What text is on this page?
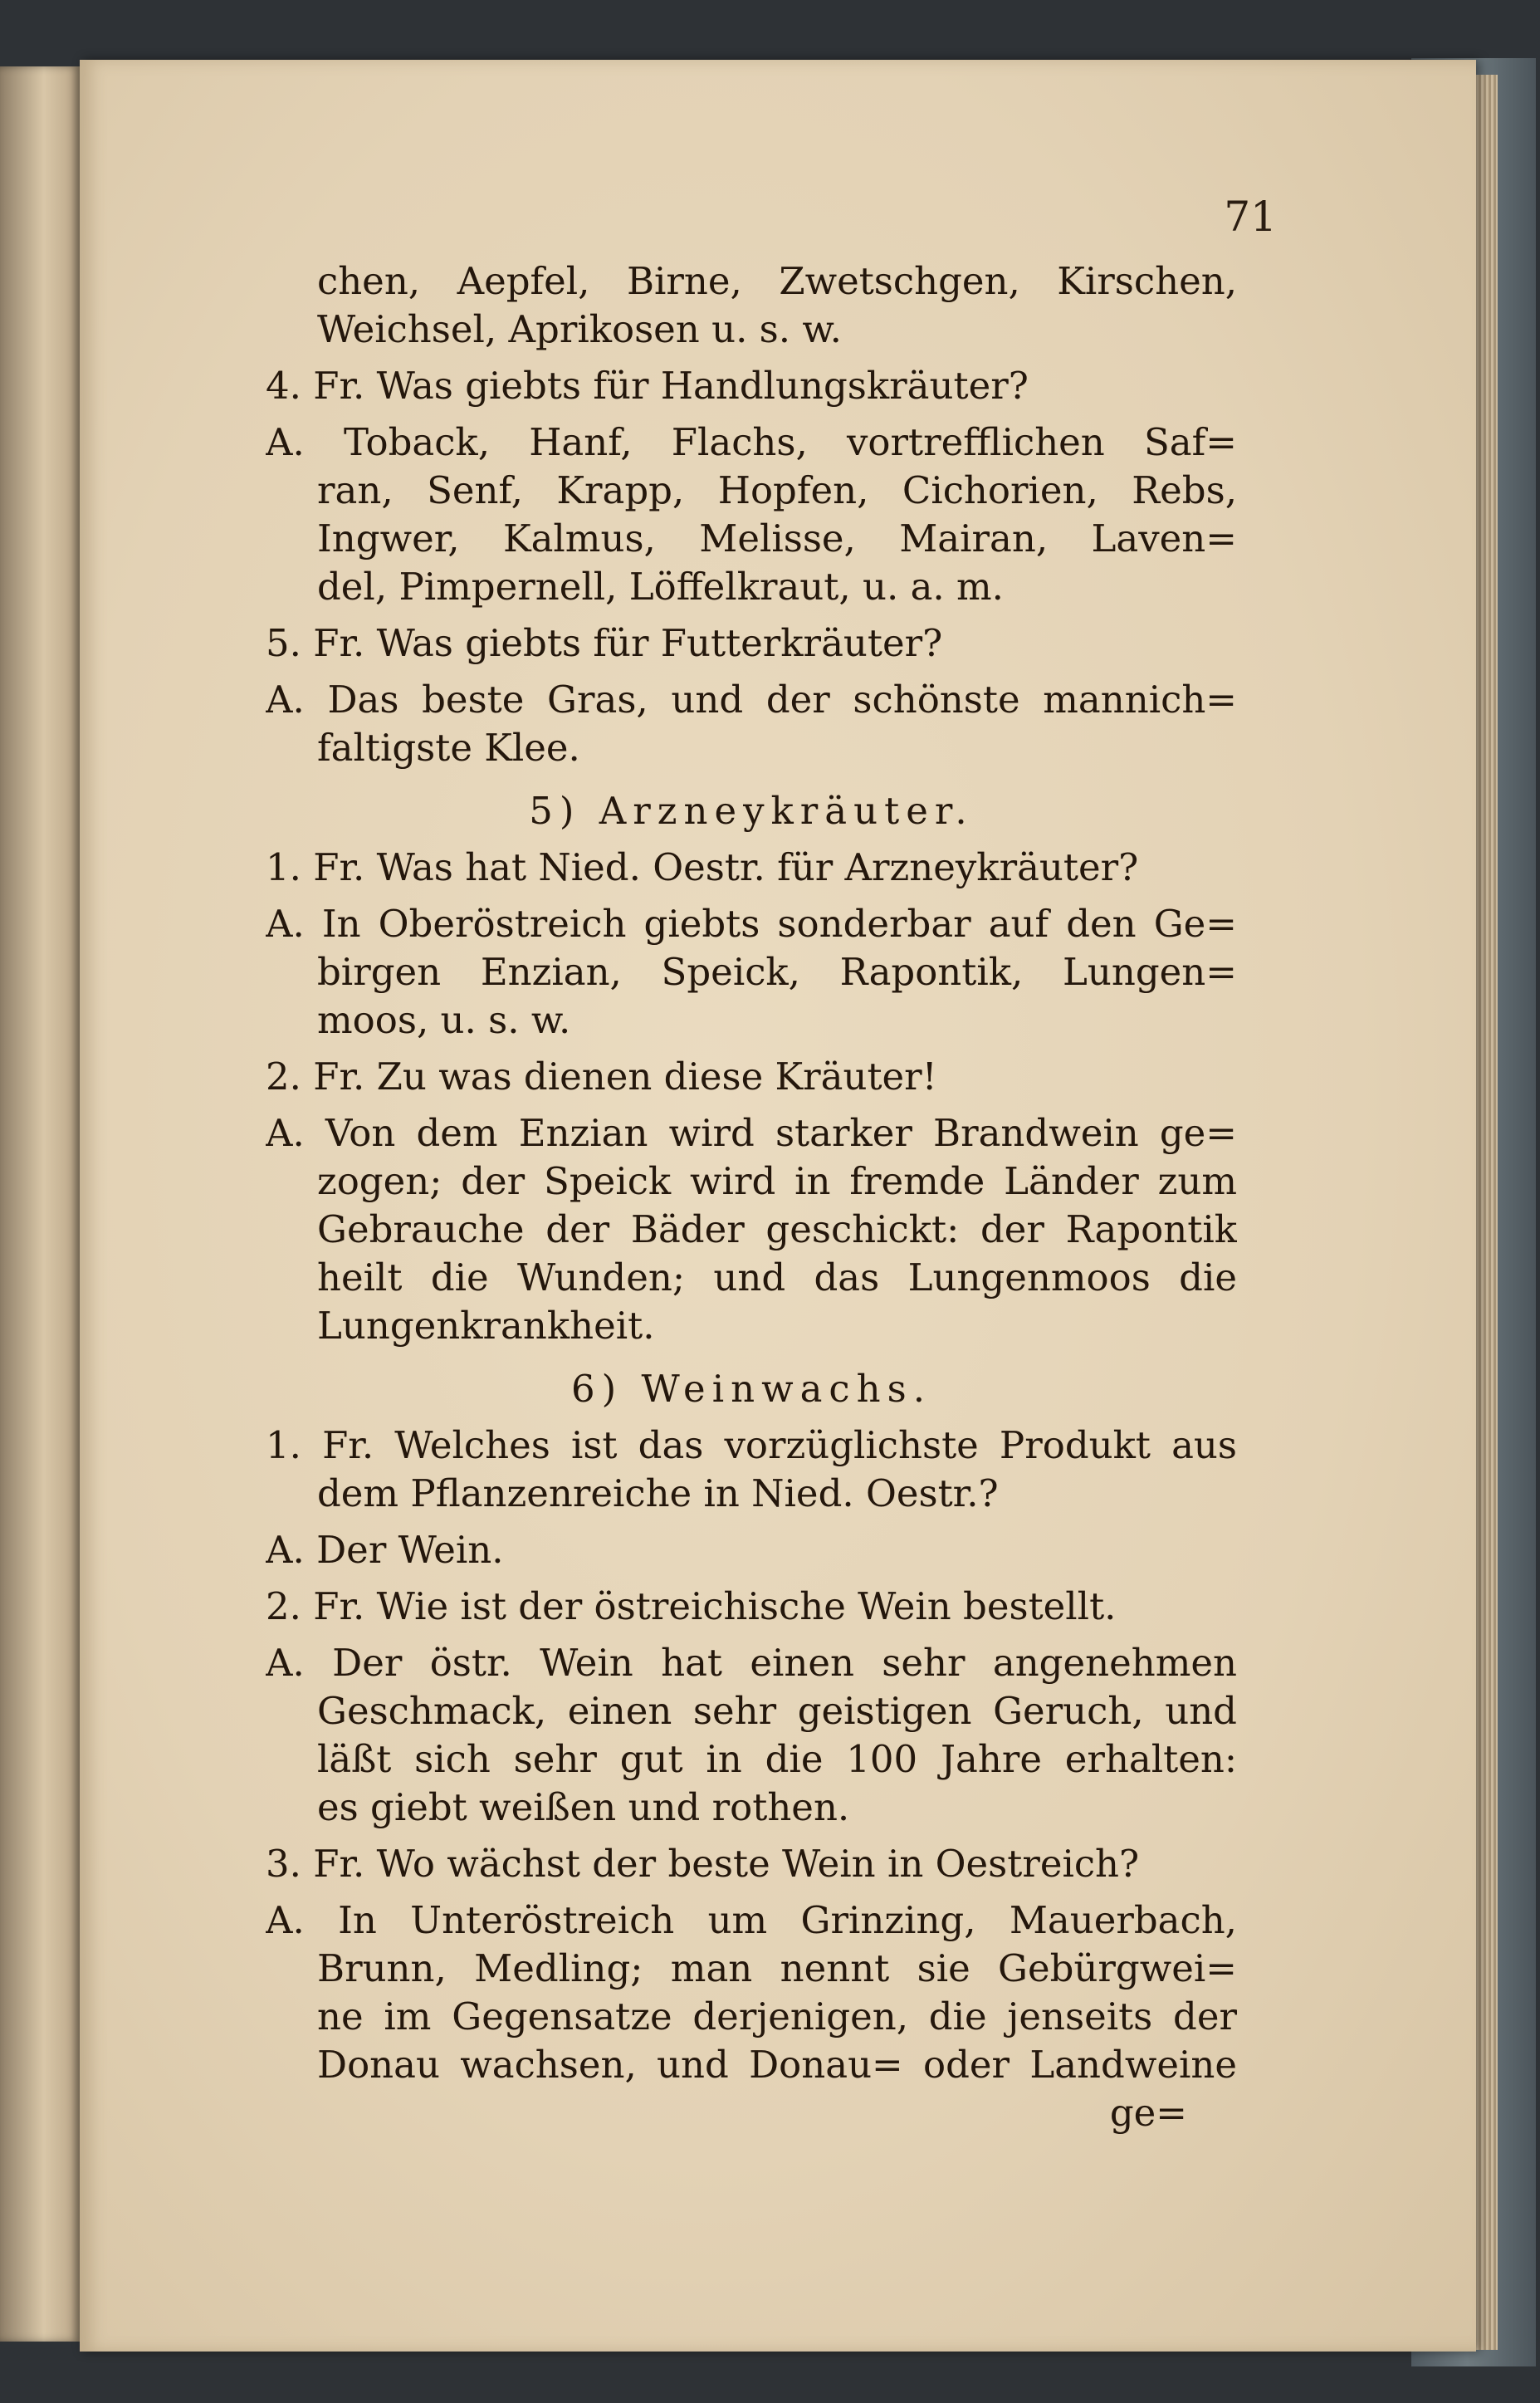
71
chen, Aepfel, Birne, Zwetschgen, Kirschen,
Weichsel, Aprikosen u. s. w.
4. Fr. Was giebts für Handlungskräuter?
A. Toback, Hanf, Flachs, vortrefflichen Saf=
ran, Senf, Krapp, Hopfen, Cichorien, Rebs,
Ingwer, Kalmus, Melisse, Mairan, Laven=
del, Pimpernell, Löffelkraut, u. a. m.
5. Fr. Was giebts für Futterkräuter?
A. Das beste Gras, und der schönste mannich=
faltigste Klee.
5) Arzneykräuter.
1. Fr. Was hat Nied. Oestr. für Arzneykräuter?
A. In Oberöstreich giebts sonderbar auf den Ge=
birgen Enzian, Speick, Rapontik, Lungen=
moos, u. s. w.
2. Fr. Zu was dienen diese Kräuter!
A. Von dem Enzian wird starker Brandwein ge=
zogen; der Speick wird in fremde Länder zum
Gebrauche der Bäder geschickt: der Rapontik
heilt die Wunden; und das Lungenmoos die
Lungenkrankheit.
6) Weinwachs.
1. Fr. Welches ist das vorzüglichste Produkt aus
dem Pflanzenreiche in Nied. Oestr.?
A. Der Wein.
2. Fr. Wie ist der östreichische Wein bestellt.
A. Der östr. Wein hat einen sehr angenehmen
Geschmack, einen sehr geistigen Geruch, und
läßt sich sehr gut in die 100 Jahre erhalten:
es giebt weißen und rothen.
3. Fr. Wo wächst der beste Wein in Oestreich?
A. In Unteröstreich um Grinzing, Mauerbach,
Brunn, Medling; man nennt sie Gebürgwei=
ne im Gegensatze derjenigen, die jenseits der
Donau wachsen, und Donau= oder Landweine
ge=
